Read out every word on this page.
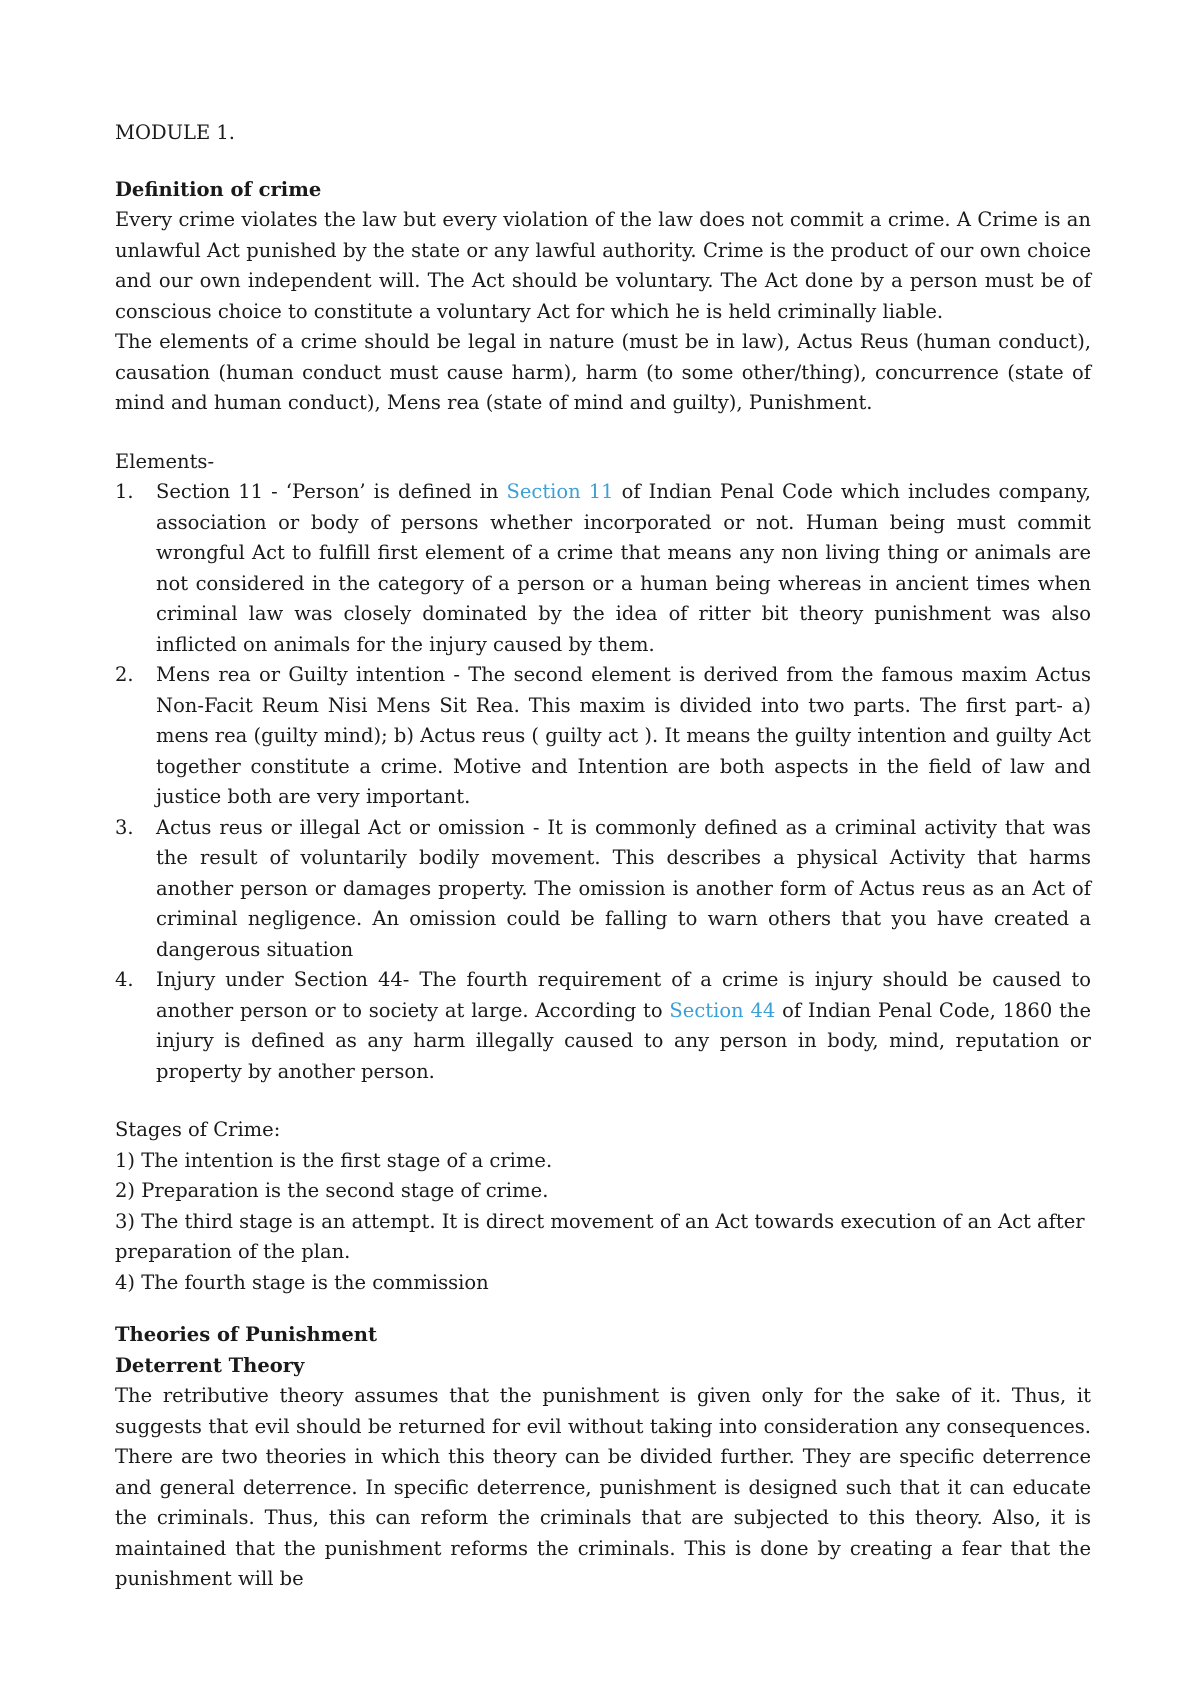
MODULE 1.

Definition of crime

Every crime violates the law but every violation of the law does not commit a crime. A Crime is an unlawful Act punished by the state or any lawful authority. Crime is the product of our own choice and our own independent will. The Act should be voluntary. The Act done by a person must be of conscious choice to constitute a voluntary Act for which he is held criminally liable.

The elements of a crime should be legal in nature (must be in law), Actus Reus (human conduct), causation (human conduct must cause harm), harm (to some other/thing), concurrence (state of mind and human conduct), Mens rea (state of mind and guilty), Punishment.

Elements-

1. Section 11 - ‘Person’ is defined in Section 11 of Indian Penal Code which includes company, association or body of persons whether incorporated or not. Human being must commit wrongful Act to fulfill first element of a crime that means any non living thing or animals are not considered in the category of a person or a human being whereas in ancient times when criminal law was closely dominated by the idea of ritter bit theory punishment was also inflicted on animals for the injury caused by them.
2. Mens rea or Guilty intention - The second element is derived from the famous maxim Actus Non-Facit Reum Nisi Mens Sit Rea. This maxim is divided into two parts. The first part- a) mens rea (guilty mind); b) Actus reus ( guilty act ). It means the guilty intention and guilty Act together constitute a crime. Motive and Intention are both aspects in the field of law and justice both are very important.
3. Actus reus or illegal Act or omission - It is commonly defined as a criminal activity that was the result of voluntarily bodily movement. This describes a physical Activity that harms another person or damages property. The omission is another form of Actus reus as an Act of criminal negligence. An omission could be falling to warn others that you have created a dangerous situation
4. Injury under Section 44- The fourth requirement of a crime is injury should be caused to another person or to society at large. According to Section 44 of Indian Penal Code, 1860 the injury is defined as any harm illegally caused to any person in body, mind, reputation or property by another person.

Stages of Crime:

1) The intention is the first stage of a crime.

2) Preparation is the second stage of crime.

3) The third stage is an attempt. It is direct movement of an Act towards execution of an Act after preparation of the plan.

4) The fourth stage is the commission

Theories of Punishment

Deterrent Theory

The retributive theory assumes that the punishment is given only for the sake of it. Thus, it suggests that evil should be returned for evil without taking into consideration any consequences. There are two theories in which this theory can be divided further. They are specific deterrence and general deterrence. In specific deterrence, punishment is designed such that it can educate the criminals. Thus, this can reform the criminals that are subjected to this theory. Also, it is maintained that the punishment reforms the criminals. This is done by creating a fear that the punishment will be
